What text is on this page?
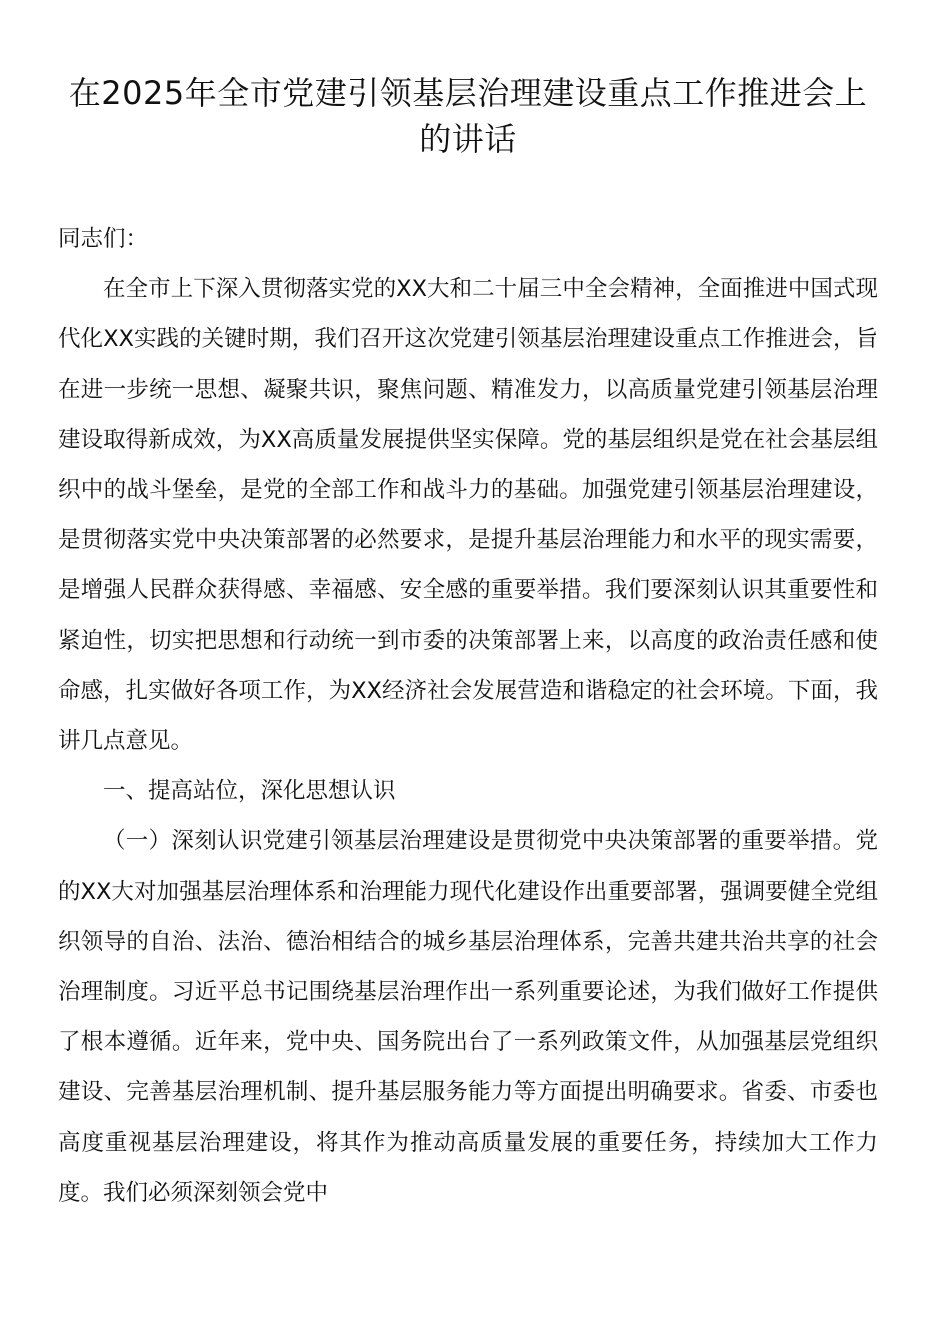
在2025年全市党建引领基层治理建设重点工作推进会上的讲话

同志们：

在全市上下深入贯彻落实党的XX大和二十届三中全会精神，全面推进中国式现代化XX实践的关键时期，我们召开这次党建引领基层治理建设重点工作推进会，旨在进一步统一思想、凝聚共识，聚焦问题、精准发力，以高质量党建引领基层治理建设取得新成效，为XX高质量发展提供坚实保障。党的基层组织是党在社会基层组织中的战斗堡垒，是党的全部工作和战斗力的基础。加强党建引领基层治理建设，是贯彻落实党中央决策部署的必然要求，是提升基层治理能力和水平的现实需要，是增强人民群众获得感、幸福感、安全感的重要举措。我们要深刻认识其重要性和紧迫性，切实把思想和行动统一到市委的决策部署上来，以高度的政治责任感和使命感，扎实做好各项工作，为XX经济社会发展营造和谐稳定的社会环境。下面，我讲几点意见。

一、提高站位，深化思想认识

（一）深刻认识党建引领基层治理建设是贯彻党中央决策部署的重要举措。党的XX大对加强基层治理体系和治理能力现代化建设作出重要部署，强调要健全党组织领导的自治、法治、德治相结合的城乡基层治理体系，完善共建共治共享的社会治理制度。习近平总书记围绕基层治理作出一系列重要论述，为我们做好工作提供了根本遵循。近年来，党中央、国务院出台了一系列政策文件，从加强基层党组织建设、完善基层治理机制、提升基层服务能力等方面提出明确要求。省委、市委也高度重视基层治理建设，将其作为推动高质量发展的重要任务，持续加大工作力度。我们必须深刻领会党中
